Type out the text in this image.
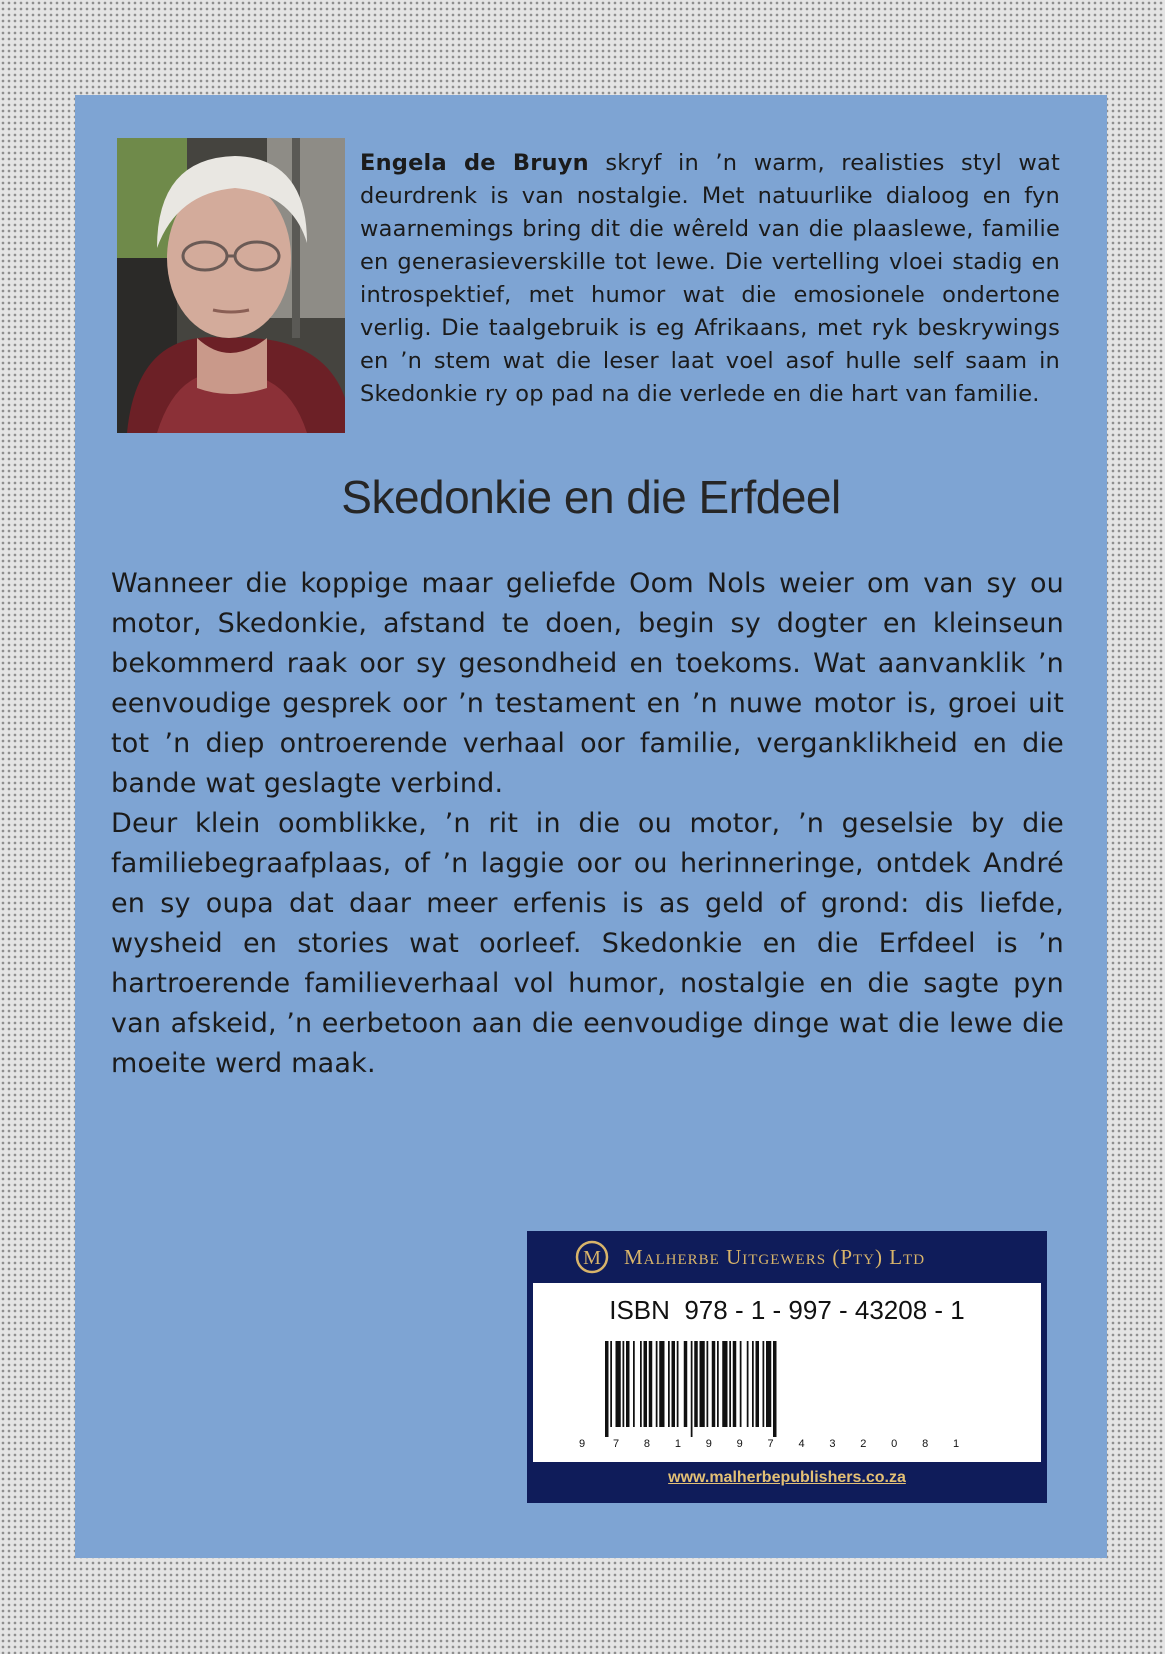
Engela de Bruyn skryf in ’n warm, realisties styl wat deurdrenk is van nostalgie. Met natuurlike dialoog en fyn waarnemings bring dit die wêreld van die plaaslewe, familie en generasieverskille tot lewe. Die vertelling vloei stadig en introspektief, met humor wat die emosionele ondertone verlig. Die taalgebruik is eg Afrikaans, met ryk beskrywings en ’n stem wat die leser laat voel asof hulle self saam in Skedonkie ry op pad na die verlede en die hart van familie.

Skedonkie en die Erfdeel

Wanneer die koppige maar geliefde Oom Nols weier om van sy ou motor, Skedonkie, afstand te doen, begin sy dogter en kleinseun bekommerd raak oor sy gesondheid en toekoms. Wat aanvanklik ’n eenvoudige gesprek oor ’n testament en ’n nuwe motor is, groei uit tot ’n diep ontroerende verhaal oor familie, verganklikheid en die bande wat geslagte verbind.

Deur klein oomblikke, ’n rit in die ou motor, ’n geselsie by die familiebegraafplaas, of ’n laggie oor ou herinneringe, ontdek André en sy oupa dat daar meer erfenis is as geld of grond: dis liefde, wysheid en stories wat oorleef. Skedonkie en die Erfdeel is ’n hartroerende familieverhaal vol humor, nostalgie en die sagte pyn van afskeid, ’n eerbetoon aan die eenvoudige dinge wat die lewe die moeite werd maak.

M Malherbe Uitgewers (Pty) Ltd
ISBN  978 - 1 - 997 - 43208 - 1
9	7 8 1 9 9 7 4 3 2 0 8 1
www.malherbepublishers.co.za
